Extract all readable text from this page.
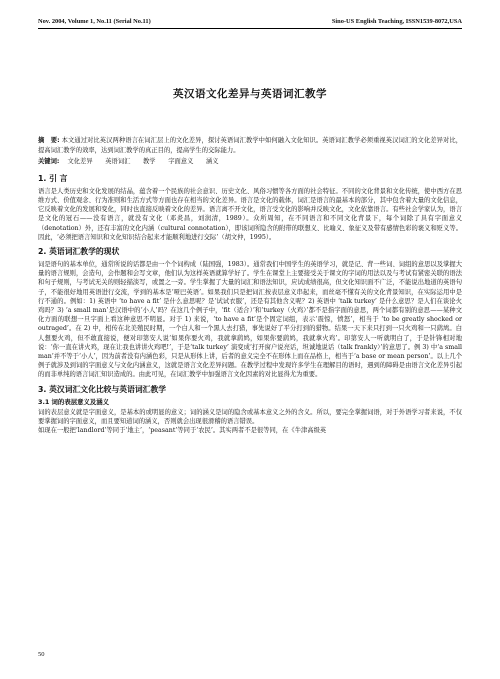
Nov. 2004, Volume 1, No.11 (Serial No.11)	Sino-US English Teaching, ISSN1539-8072,USA
英汉语文化差异与英语词汇教学

摘　要: 本文通过对比英汉两种语言在词汇层上的文化差异，探讨英语词汇教学中如何融入文化知识。英语词汇教学必须重视英汉词汇的文化差异对比，提高词汇教学的效率，达到词汇教学的真正目的，提高学生的交际能力。

关键词: 文化差异　　英语词汇　　教学　　字面意义　　涵义

1. 引 言

语言是人类历史和文化发展的结晶，蕴含着一个民族的社会意识、历史文化、风俗习惯等各方面的社会特征。不同的文化背景和文化传统，使中西方在思维方式、价值观念、行为准则和生活方式等方面也存在相当的文化差异。语言是文化的载体，词汇是语言的最基本的部分，其中包含着大量的文化信息，它反映着文化的发展和变化，同时也直接反映着文化的差异。语言离不开文化，语言受文化的影响并反映文化，文化依靠语言。有些社会学家认为，语言是文化的冠石——没有语言，就没有文化（邓炎昌，刘润清，1989）。众所周知，在不同语言和不同文化背景下，每个词除了具有字面意义（denotation）外，还有丰富的文化内涵（cultural connotation），即该词所隐含的附带的联想义、比喻义、象征义及带有感情色彩的褒义和贬义等。因此，‘必须把语言知识和文化知识结合起来才能顺利地进行交际’（胡文仲，1995）。

2. 英语词汇教学的现状

词是语句的基本单位，通常所说的话都是由一个个词构成（陆国强，1983）。通常我们中国学生的英语学习，就是记、背一些词、词组的意思以及掌握大量的语言规则，会造句，会作题和会写文章，他们认为这样英语就算学好了。学生在课堂上主要接受关于课文的字词的用法以及与考试有紧密关联的语法和句子规则，与考试无关的则轻描淡写，或置之一旁。学生掌握了大量的词汇和语法知识，应试成绩很高，但文化知识面不广泛，不能说出地道的英语句子，不能很好地用英语进行交流，学到的基本是‘哑巴英语’。如果我们只是把词汇按表层意义串起来，而丝毫不懂有关的文化背景知识，在实际运用中是行不通的。例如：1) 英语中 ‘to have a fit’ 是什么意思呢？是‘试试衣服’，还是有其他含义呢？2) 英语中 ‘talk turkey’ 是什么意思？是人们在谈论火鸡吗？3) ‘a small man’是汉语中的‘小人’吗？在这几个例子中，‘fit（适合）’和‘turkey（火鸡）’都不是指字面的意思，两个词都有别的意思——某种文化方面的联想一旦字面上看这种意思不明显。对于 1) 来说，‘to have a fit’是个固定词组，表示‘震惊，愤怒’，相当于 ‘to be greatly shocked or outraged’。在 2) 中，相传在北美殖民时期，一个白人和一个黑人去打猎，事先说好了平分打到的猎物。结果一天下来只打到一只火鸡和一只鹞鸠。白人想要火鸡，但不敢直接说，便对印第安人说‘如果你要火鸡，我就拿鹞鸠，如果你要鹞鸠，我就拿火鸡’。印第安人一听就明白了，于是针锋相对地说：‘你一直在讲火鸡，现在让我也讲讲火鸡吧!’，于是‘talk turkey’ 演变成‘打开窗户说亮话，坦诚地说话（talk frankly）’的意思了。例 3) 中‘a small man’并不等于‘小人’，因为前者没有内涵色彩，只是从形体上讲，后者的意义完全不在形体上而在品格上，相当于‘a base or mean person’。以上几个例子就涉及到词的字面意义与文化内涵意义，这就是语言文化差异问题。在教学过程中发现许多学生在理解目的语时，遇到的障碍是由语言文化差异引起的而非单纯的语言词汇知识造成的。由此可见，在词汇教学中加强语言文化因素的对比显得尤为重要。

3. 英汉词汇文化比较与英语词汇教学
3.1 词的表层意义及涵义

词的表层意义就是字面意义，是基本的或明显的意义；词的涵义是词的隐含或基本意义之外的含义。所以，要完全掌握词语，对于外语学习者来说，不仅要掌握词的字面意义，而且要知道词的涵义，否则就会出现很滑稽的语言错误。

如现在一般把‘landlord’等同于‘地主’，‘peasant’等同于‘农民’。其实两者不是很等同，在《牛津高级英

50
